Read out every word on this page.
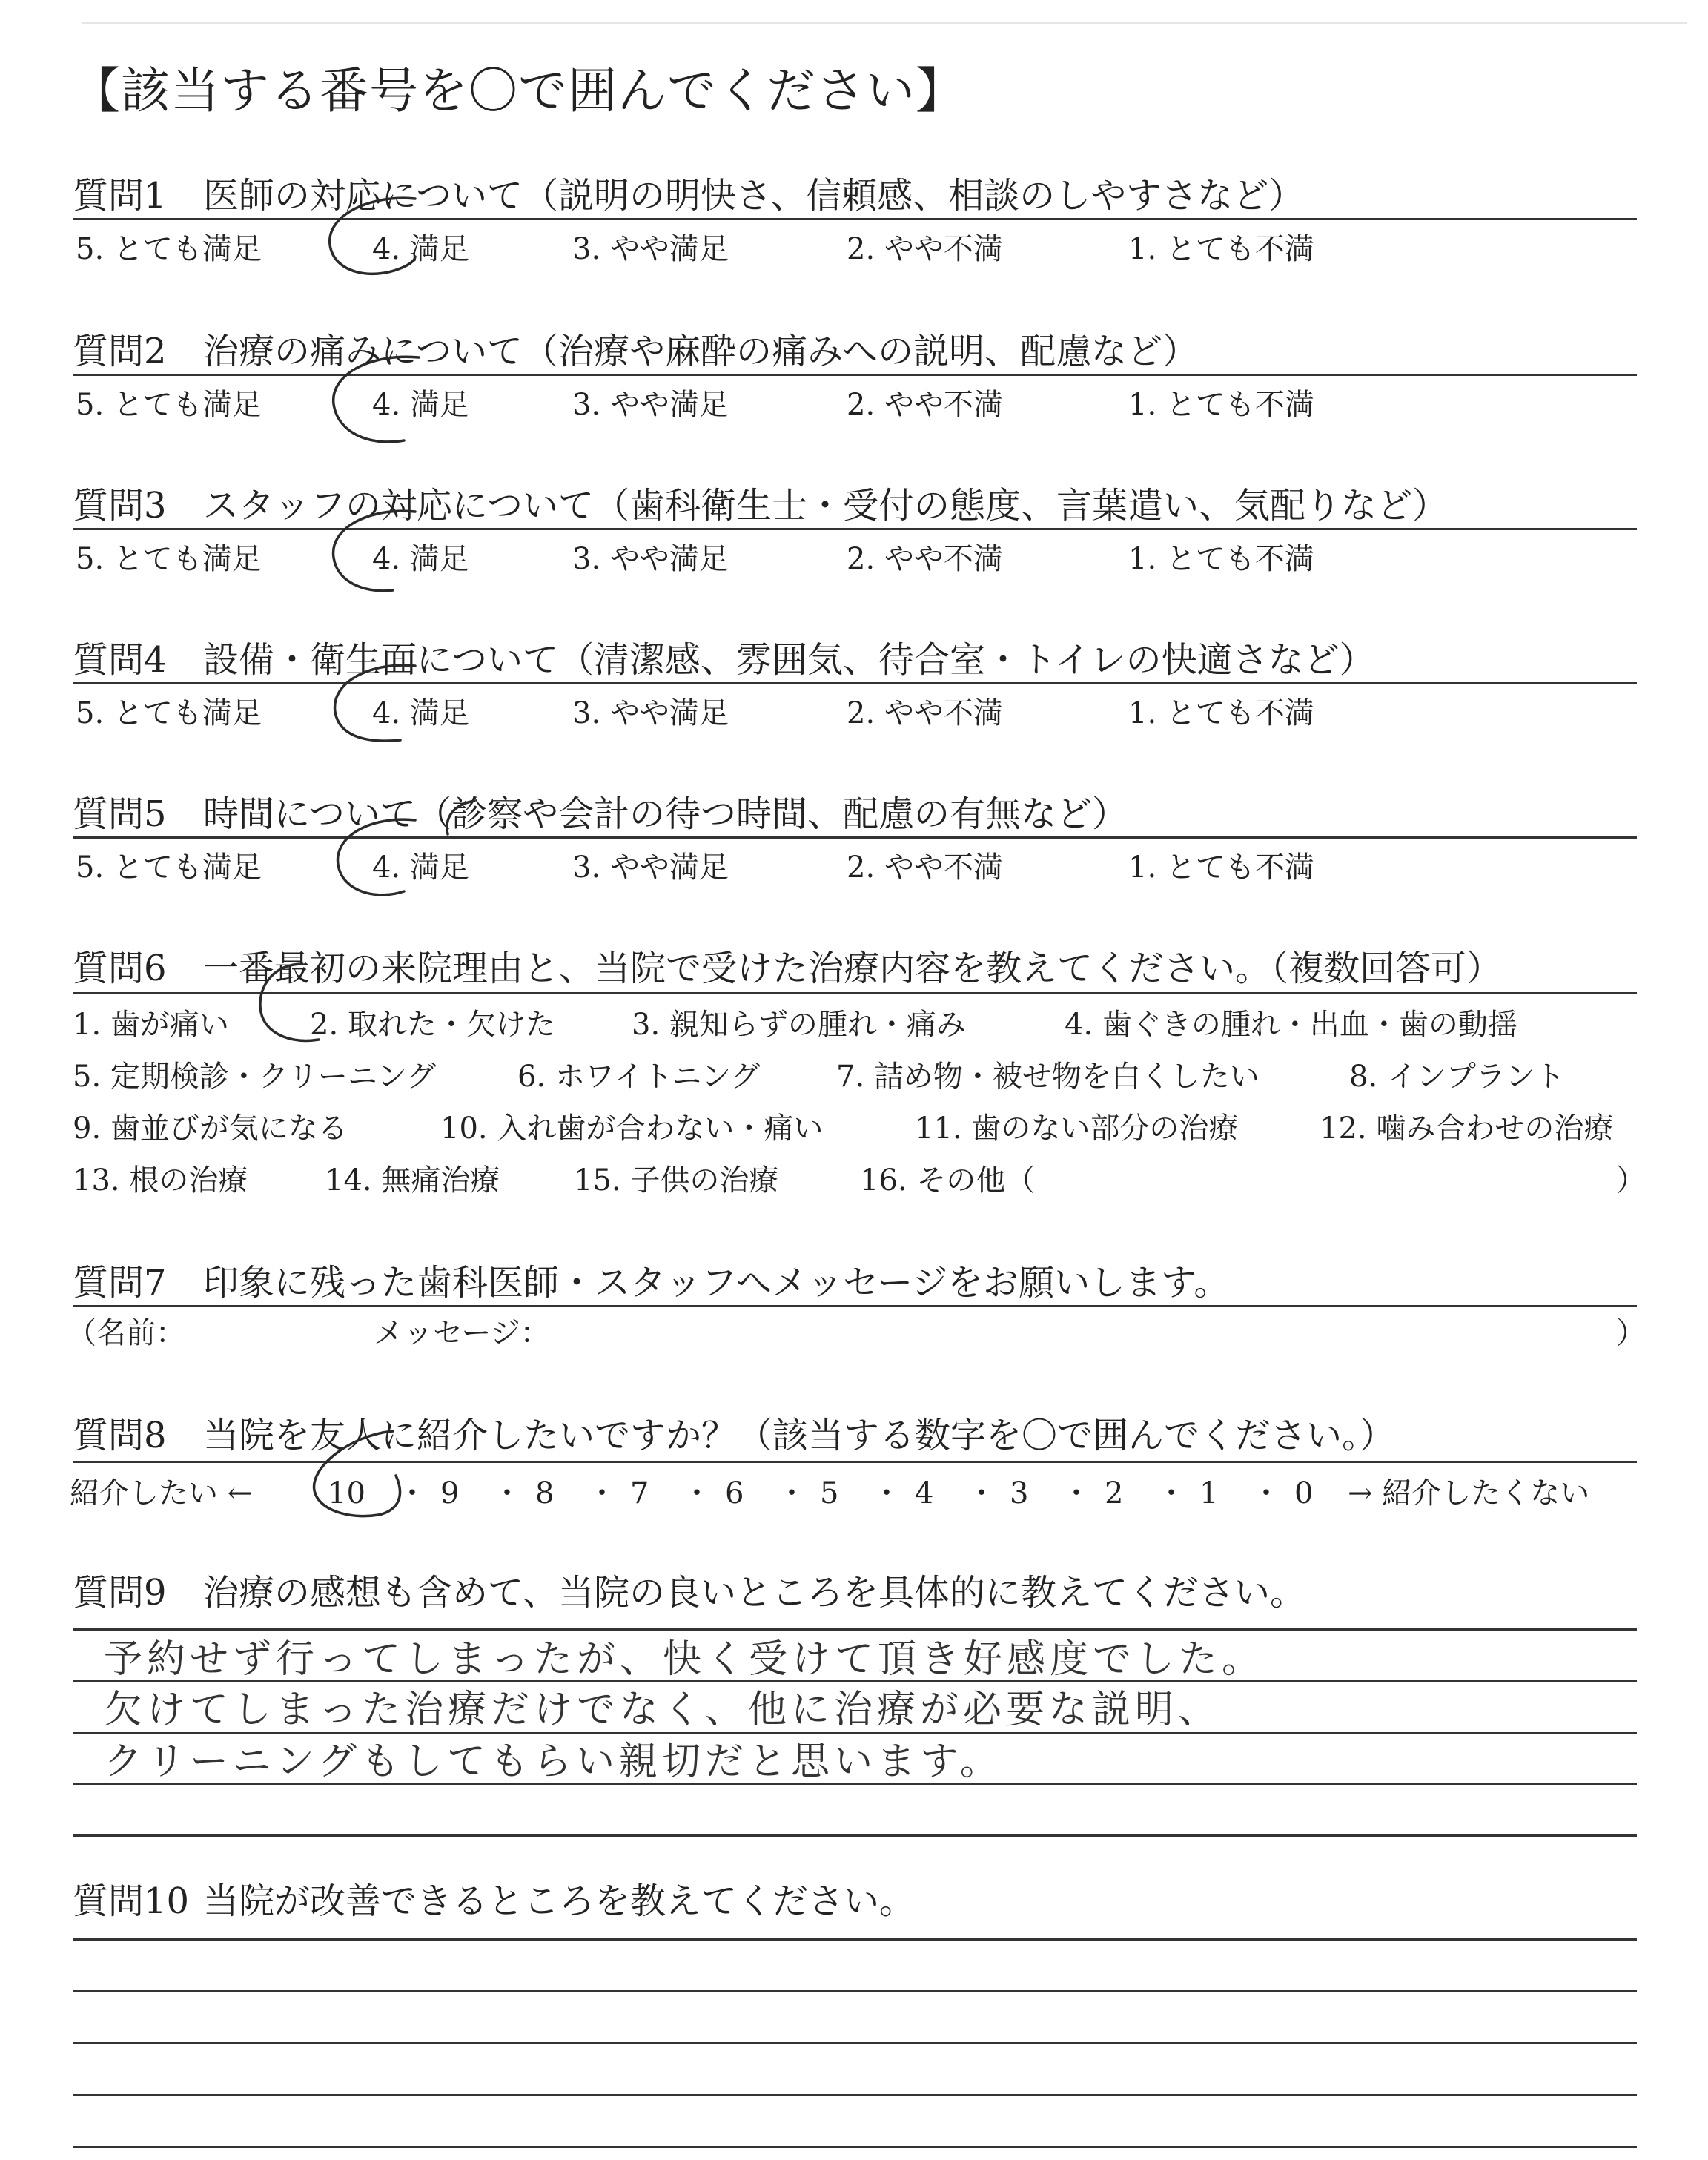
【該当する番号を〇で囲んでください】
質問1 医師の対応について（説明の明快さ、信頼感、相談のしやすさなど）
5. とても満足	4. 満足	3. やや満足	2. やや不満	1. とても不満
質問2 治療の痛みについて（治療や麻酔の痛みへの説明、配慮など）
5. とても満足	4. 満足	3. やや満足	2. やや不満	1. とても不満
質問3 スタッフの対応について（歯科衛生士・受付の態度、言葉遣い、気配りなど）
5. とても満足	4. 満足	3. やや満足	2. やや不満	1. とても不満
質問4 設備・衛生面について（清潔感、雰囲気、待合室・トイレの快適さなど）
5. とても満足	4. 満足	3. やや満足	2. やや不満	1. とても不満
質問5 時間について（診察や会計の待つ時間、配慮の有無など）
5. とても満足	4. 満足	3. やや満足	2. やや不満	1. とても不満
質問6 一番最初の来院理由と、当院で受けた治療内容を教えてください。（複数回答可）
1. 歯が痛い	2. 取れた・欠けた	3. 親知らずの腫れ・痛み	4. 歯ぐきの腫れ・出血・歯の動揺
5. 定期検診・クリーニング	6. ホワイトニング	7. 詰め物・被せ物を白くしたい	8. インプラント
9. 歯並びが気になる	10. 入れ歯が合わない・痛い	11. 歯のない部分の治療	12. 噛み合わせの治療
13. 根の治療	14. 無痛治療 15. 子供の治療	16. その他（	）
質問7 印象に残った歯科医師・スタッフへメッセージをお願いします。
（名前：	メッセージ：	）
質問8 当院を友人に紹介したいですか？（該当する数字を〇で囲んでください。）
紹介したい ←	10 ・ 9 ・ 8 ・ 7 ・ 6 ・ 5 ・ 4 ・ 3 ・ 2 ・ 1 ・ 0 → 紹介したくない
質問9 治療の感想も含めて、当院の良いところを具体的に教えてください。
予約せず行ってしまったが、快く受けて頂き好感度でした。
欠けてしまった治療だけでなく、他に治療が必要な説明、
クリーニングもしてもらい親切だと思います。
質問10 当院が改善できるところを教えてください。
